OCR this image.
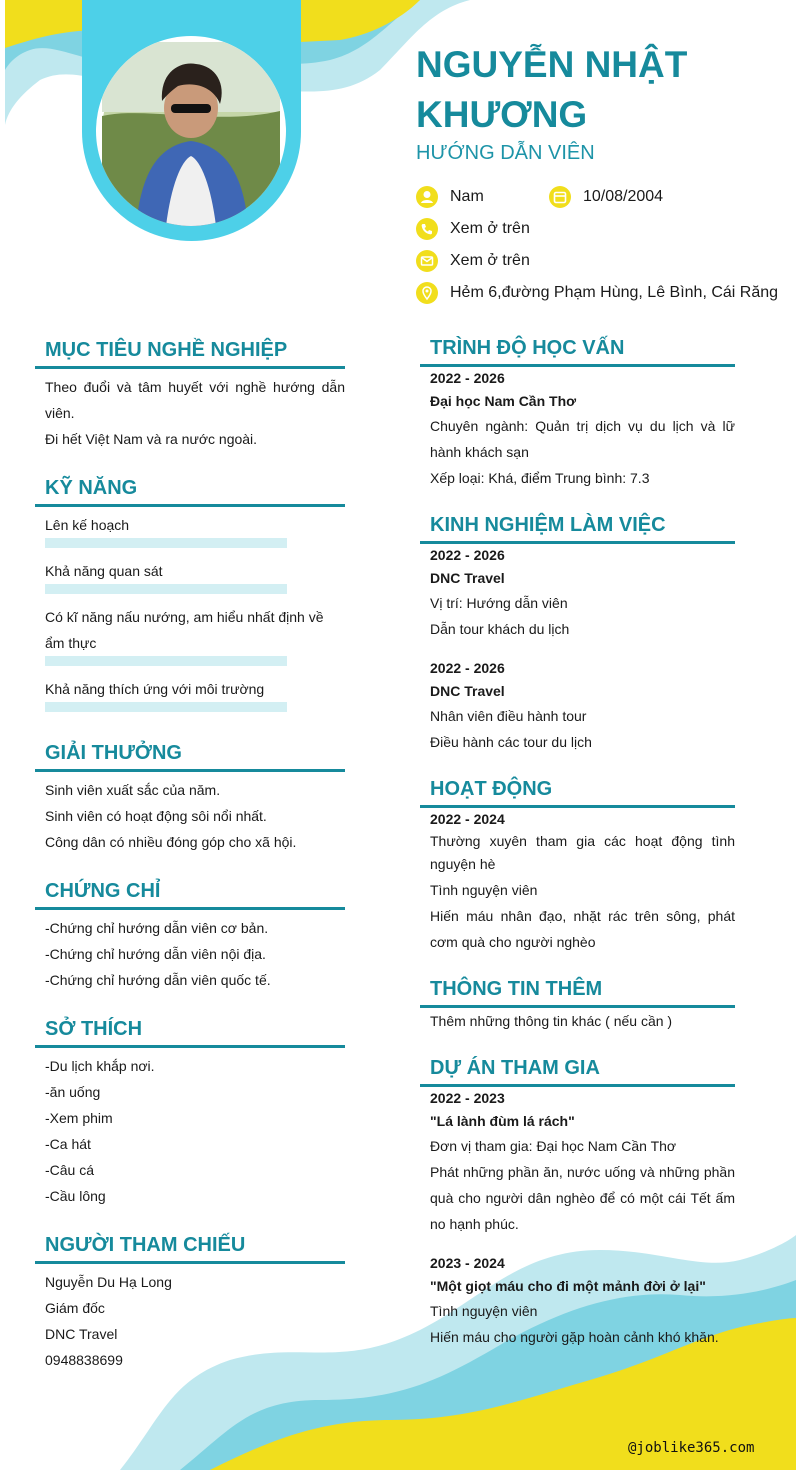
NGUYỄN NHẬT KHƯƠNG
HƯỚNG DẪN VIÊN
Nam	10/08/2004
Xem ở trên
Xem ở trên
Hẻm 6,đường Phạm Hùng, Lê Bình, Cái Răng
MỤC TIÊU NGHỀ NGHIỆP
Theo đuổi và tâm huyết với nghề hướng dẫn viên.
Đi hết Việt Nam và ra nước ngoài.
KỸ NĂNG
Lên kế hoạch
Khả năng quan sát
Có kĩ năng nấu nướng, am hiểu nhất định về ẩm thực
Khả năng thích ứng với môi trường
GIẢI THƯỞNG
Sinh viên xuất sắc của năm.
Sinh viên có hoạt động sôi nổi nhất.
Công dân có nhiều đóng góp cho xã hội.
CHỨNG CHỈ
-Chứng chỉ hướng dẫn viên cơ bản.
-Chứng chỉ hướng dẫn viên nội địa.
-Chứng chỉ hướng dẫn viên quốc tế.
SỞ THÍCH
-Du lịch khắp nơi.
-ăn uống
-Xem phim
-Ca hát
-Câu cá
-Cầu lông
NGƯỜI THAM CHIẾU
Nguyễn Du Hạ Long
Giám đốc
DNC Travel
0948838699
TRÌNH ĐỘ HỌC VẤN
2022 - 2026
Đại học Nam Cần Thơ
Chuyên ngành: Quản trị dịch vụ du lịch và lữ hành khách sạn
Xếp loại: Khá, điểm Trung bình: 7.3
KINH NGHIỆM LÀM VIỆC
2022 - 2026
DNC Travel
Vị trí: Hướng dẫn viên
Dẫn tour khách du lịch
2022 - 2026
DNC Travel
Nhân viên điều hành tour
Điều hành các tour du lịch
HOẠT ĐỘNG
2022 - 2024
Thường xuyên tham gia các hoạt động tình nguyện hè
Tình nguyện viên
Hiến máu nhân đạo, nhặt rác trên sông, phát cơm quà cho người nghèo
THÔNG TIN THÊM
Thêm những thông tin khác ( nếu cần )
DỰ ÁN THAM GIA
2022 - 2023
"Lá lành đùm lá rách"
Đơn vị tham gia: Đại học Nam Cần Thơ
Phát những phần ăn, nước uống và những phần quà cho người dân nghèo để có một cái Tết ấm no hạnh phúc.
2023 - 2024
"Một giọt máu cho đi một mảnh đời ở lại"
Tình nguyện viên
Hiến máu cho người gặp hoàn cảnh khó khăn.
@joblike365.com
